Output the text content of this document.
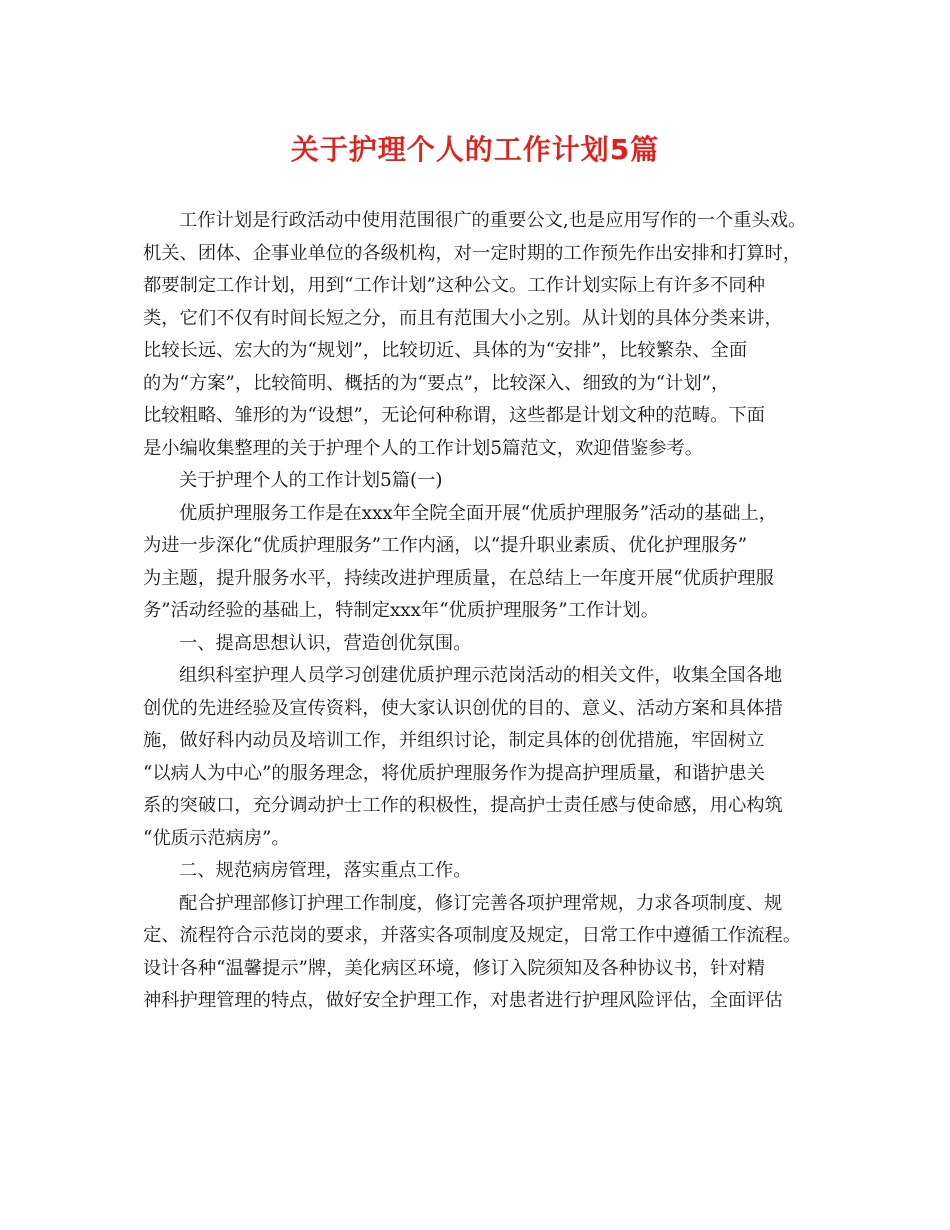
关于护理个人的工作计划5篇
工作计划是行政活动中使用范围很广的重要公文,也是应用写作的一个重头戏。
机关、团体、企事业单位的各级机构，对一定时期的工作预先作出安排和打算时，
都要制定工作计划，用到“工作计划”这种公文。工作计划实际上有许多不同种
类，它们不仅有时间长短之分，而且有范围大小之别。从计划的具体分类来讲，
比较长远、宏大的为“规划”，比较切近、具体的为“安排”，比较繁杂、全面
的为“方案”，比较简明、概括的为“要点”，比较深入、细致的为“计划”，
比较粗略、雏形的为“设想”，无论何种称谓，这些都是计划文种的范畴。下面
是小编收集整理的关于护理个人的工作计划5篇范文，欢迎借鉴参考。
关于护理个人的工作计划5篇(一)
优质护理服务工作是在xxx年全院全面开展“优质护理服务”活动的基础上，
为进一步深化“优质护理服务”工作内涵，以“提升职业素质、优化护理服务”
为主题，提升服务水平，持续改进护理质量，在总结上一年度开展“优质护理服
务”活动经验的基础上，特制定xxx年“优质护理服务”工作计划。
一、提高思想认识，营造创优氛围。
组织科室护理人员学习创建优质护理示范岗活动的相关文件，收集全国各地
创优的先进经验及宣传资料，使大家认识创优的目的、意义、活动方案和具体措
施，做好科内动员及培训工作，并组织讨论，制定具体的创优措施，牢固树立
“以病人为中心”的服务理念，将优质护理服务作为提高护理质量，和谐护患关
系的突破口，充分调动护士工作的积极性，提高护士责任感与使命感，用心构筑
“优质示范病房”。
二、规范病房管理，落实重点工作。
配合护理部修订护理工作制度，修订完善各项护理常规，力求各项制度、规
定、流程符合示范岗的要求，并落实各项制度及规定，日常工作中遵循工作流程。
设计各种“温馨提示”牌，美化病区环境，修订入院须知及各种协议书，针对精
神科护理管理的特点，做好安全护理工作，对患者进行护理风险评估，全面评估
